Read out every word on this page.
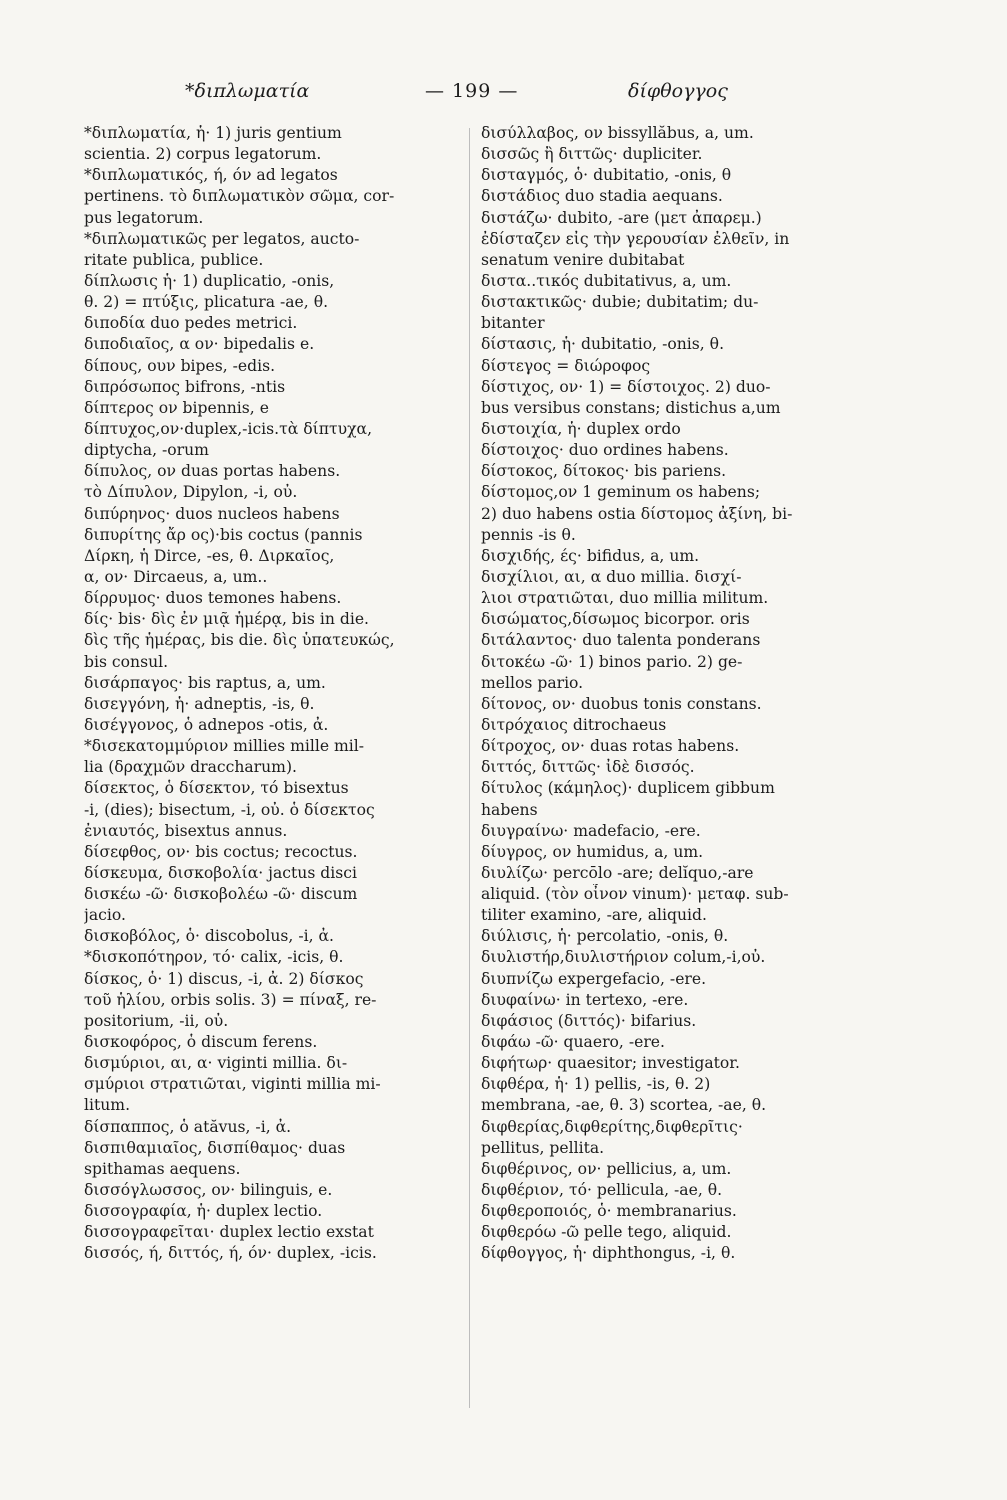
*διπλωματία	— 199 —	δίφθογγος
*διπλωματία, ἡ· 1) juris gentium
scientia. 2) corpus legatorum.
*διπλωματικός, ή, όν ad legatos
pertinens. τὸ διπλωματικὸν σῶμα, cor-
pus legatorum.
*διπλωματικῶς per legatos, aucto-
ritate publica, publice.
δίπλωσις ἡ· 1) duplicatio, -onis,
θ. 2) = πτύξις, plicatura -ae, θ.
διποδία duo pedes metrici.
διποδιαῖος, α ον· bipedalis e.
δίπους, ουν bipes, -edis.
διπρόσωπος bifrons, -ntis
δίπτερος ον bipennis, e
δίπτυχος,ον·duplex,-icis.τὰ δίπτυχα,
diptycha, -orum
δίπυλος, ον duas portas habens.
τὸ Δίπυλον, Dipylon, -i, οὐ.
διπύρηνος· duos nucleos habens
διπυρίτης ἄρ ος)·bis coctus (pannis
Δίρκη, ἡ Dirce, -es, θ. Διρκαῖος,
α, ον· Dircaeus, a, um..
δίρρυμος· duos temones habens.
δίς· bis· δὶς ἐν μιᾷ ἡμέρᾳ, bis in die.
δὶς τῆς ἡμέρας, bis die. δὶς ὑπατευκώς,
bis consul.
δισάρπαγος· bis raptus, a, um.
δισεγγόνη, ἡ· adneptis, -is, θ.
δισέγγονος, ὁ adnepos -otis, ἀ.
*δισεκατομμύριον millies mille mil-
lia (δραχμῶν draccharum).
δίσεκτος, ὁ δίσεκτον, τό bisextus
-i, (dies); bisectum, -i, οὐ. ὁ δίσεκτος
ἐνιαυτός, bisextus annus.
δίσεφθος, ον· bis coctus; recoctus.
δίσκευμα, δισκοβολία· jactus disci
δισκέω -ῶ· δισκοβολέω -ῶ· discum
jacio.
δισκοβόλος, ὁ· discobolus, -i, ἀ.
*δισκοπότηρον, τό· calix, -icis, θ.
δίσκος, ὁ· 1) discus, -i, ἀ. 2) δίσκος
τοῦ ἡλίου, orbis solis. 3) = πίναξ, re-
positorium, -ii, οὐ.
δισκοφόρος, ὁ discum ferens.
δισμύριοι, αι, α· viginti millia. δι-
σμύριοι στρατιῶται, viginti millia mi-
litum.
δίσπαππος, ὁ atăvus, -i, ἀ.
δισπιθαμιαῖος, δισπίθαμος· duas
spithamas aequens.
δισσόγλωσσος, ον· bilinguis, e.
δισσογραφία, ἡ· duplex lectio.
δισσογραφεῖται· duplex lectio exstat
δισσός, ή, διττός, ή, όν· duplex, -icis.
δισύλλαβος, ον bissyllăbus, a, um.
δισσῶς ἢ διττῶς· dupliciter.
δισταγμός, ὁ· dubitatio, -onis, θ
διστάδιος duo stadia aequans.
διστάζω· dubito, -are (μετ ἀπαρεμ.)
ἐδίσταζεν εἰς τὴν γερουσίαν ἐλθεῖν, in
senatum venire dubitabat
διστα..τικός dubitativus, a, um.
διστακτικῶς· dubie; dubitatim; du-
bitanter
δίστασις, ἡ· dubitatio, -onis, θ.
δίστεγος = διώροφος
δίστιχος, ον· 1) = δίστοιχος. 2) duo-
bus versibus constans; distichus a,um
διστοιχία, ἡ· duplex ordo
δίστοιχος· duo ordines habens.
δίστοκος, δίτοκος· bis pariens.
δίστομος,ον 1 geminum os habens;
2) duo habens ostia δίστομος ἀξίνη, bi-
pennis -is θ.
δισχιδής, ές· bifidus, a, um.
δισχίλιοι, αι, α duo millia. δισχί-
λιοι στρατιῶται, duo millia militum.
δισώματος,δίσωμος bicorpor. oris
διτάλαντος· duo talenta ponderans
διτοκέω -ῶ· 1) binos pario. 2) ge-
mellos pario.
δίτονος, ον· duobus tonis constans.
διτρόχαιος ditrochaeus
δίτροχος, ον· duas rotas habens.
διττός, διττῶς· ἰδὲ δισσός.
δίτυλος (κάμηλος)· duplicem gibbum
habens
διυγραίνω· madefacio, -ere.
δίυγρος, ον humidus, a, um.
διυλίζω· percōlo -are; delĭquo,-are
aliquid. (τὸν οἶνον vinum)· μεταφ. sub-
tiliter examino, -are, aliquid.
διύλισις, ἡ· percolatio, -onis, θ.
διυλιστήρ,διυλιστήριον colum,-i,οὐ.
διυπνίζω expergefacio, -ere.
διυφαίνω· in tertexo, -ere.
διφάσιος (διττός)· bifarius.
διφάω -ῶ· quaero, -ere.
διφήτωρ· quaesitor; investigator.
διφθέρα, ἡ· 1) pellis, -is, θ. 2)
membrana, -ae, θ. 3) scortea, -ae, θ.
διφθερίας,διφθερίτης,διφθερῖτις·
pellitus, pellita.
διφθέρινος, ον· pellicius, a, um.
διφθέριον, τό· pellicula, -ae, θ.
διφθεροποιός, ὁ· membranarius.
διφθερόω -ῶ pelle tego, aliquid.
δίφθογγος, ἡ· diphthongus, -i, θ.
